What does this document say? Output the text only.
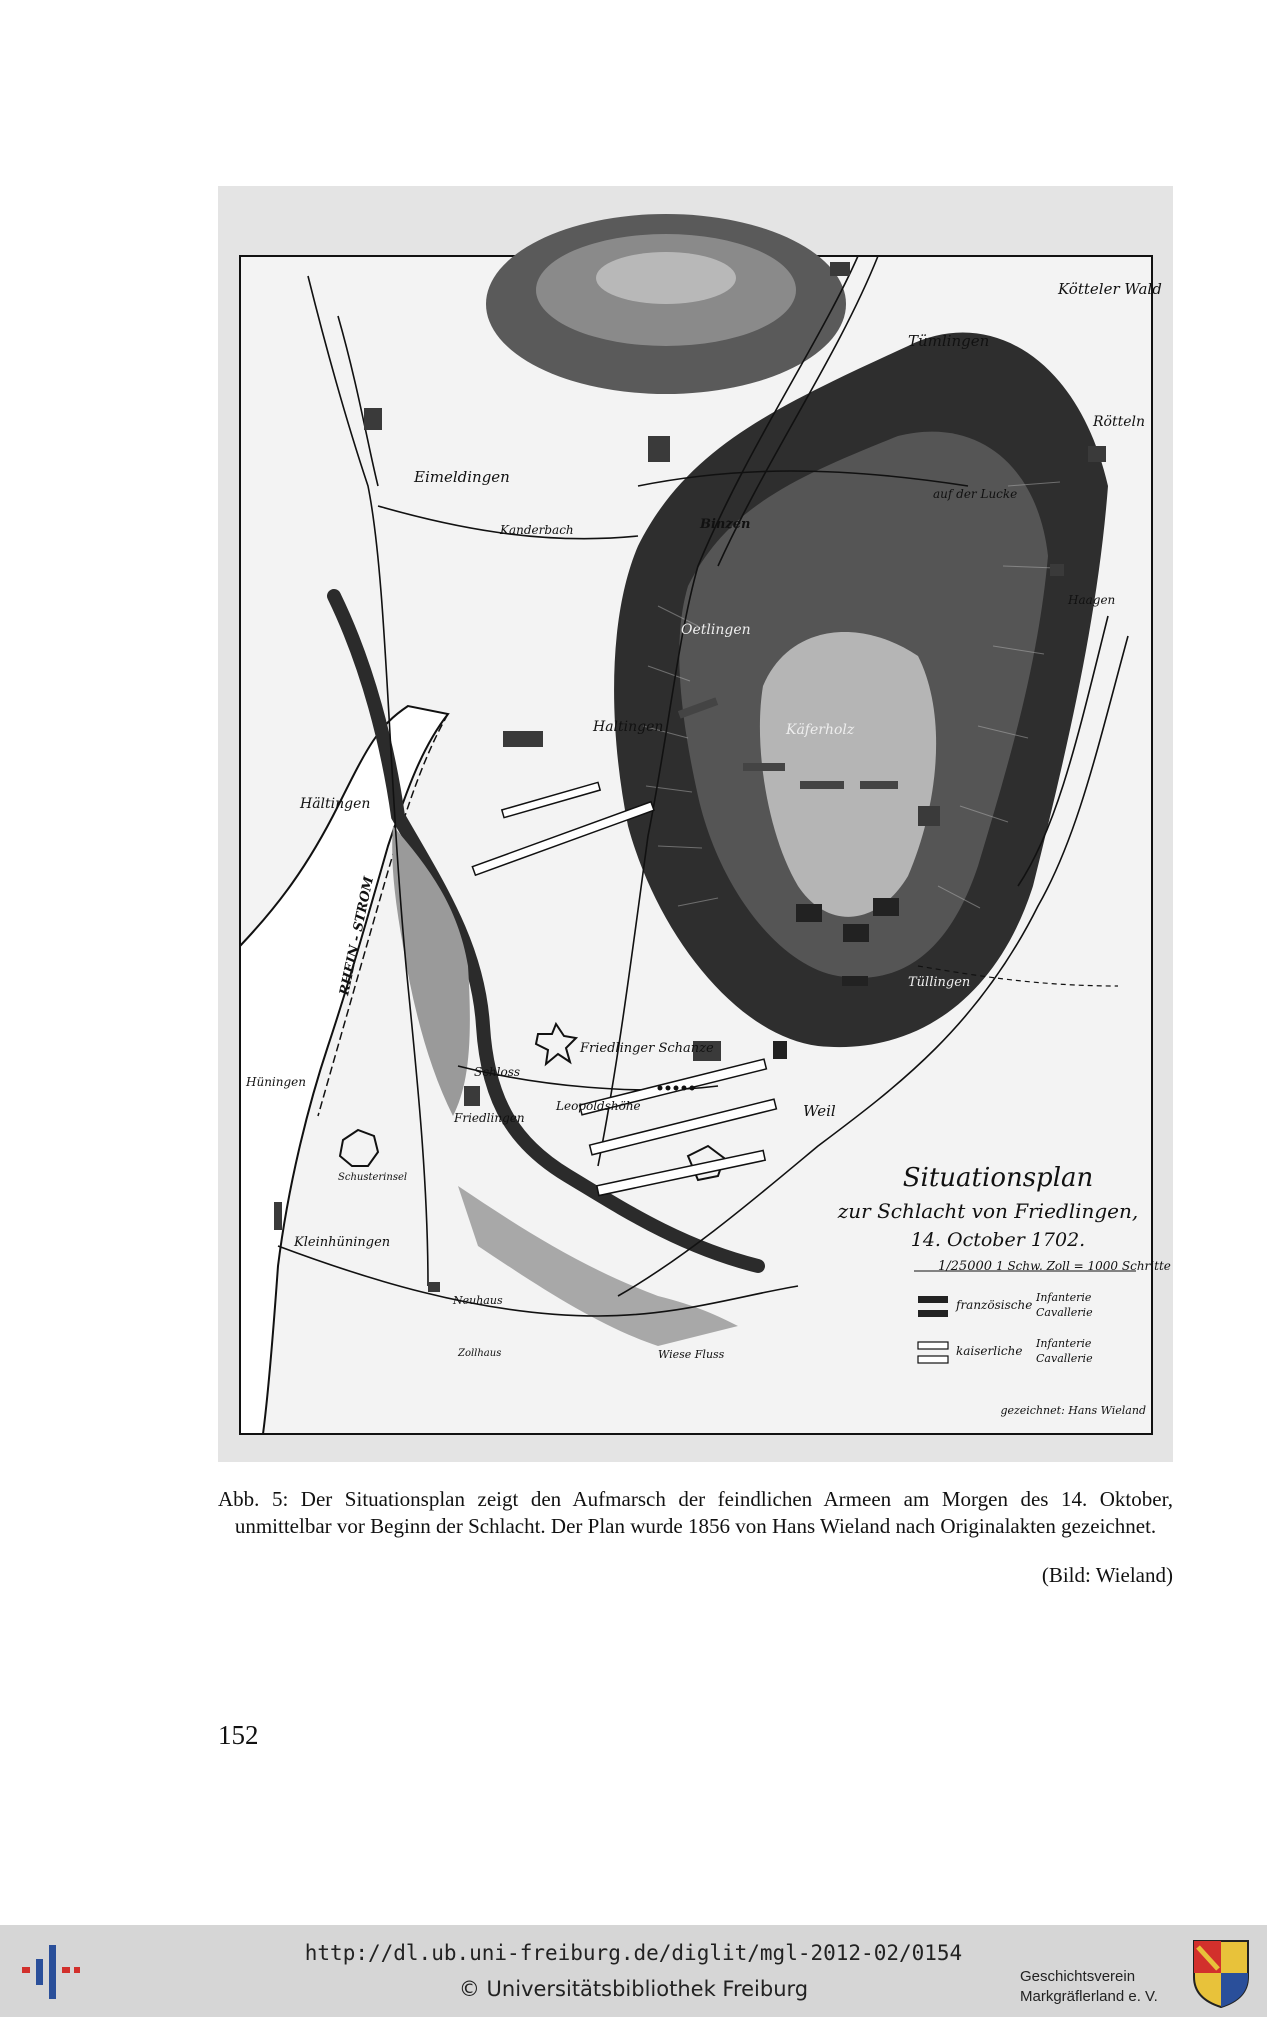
Kötteler Wald
Tümlingen
Rötteln
Eimeldingen
Kanderbach	Binzen
auf der Lucke
Haagen
Oetlingen
Haltingen	Käferholz
Hältingen
RHEIN - STROM
Friedlinger Schanze
Schloss
Leopoldshöhe
Hüningen
Friedlingen	Weil
Tüllingen
Schusterinsel
Kleinhüningen
Neuhaus
Wiese Fluss
Zollhaus
Situationsplan
zur Schlacht von Friedlingen,
14. October 1702.
1/25000 1 Schw. Zoll = 1000 Schritte
französische
Infanterie
Cavallerie
kaiserliche
Infanterie
Cavallerie
gezeichnet: Hans Wieland
Abb. 5: Der Situationsplan zeigt den Aufmarsch der feindlichen Armeen am Morgen des 14. Oktober, unmittelbar vor Beginn der Schlacht. Der Plan wurde 1856 von Hans Wieland nach Originalakten gezeichnet.
(Bild: Wieland)
152
http://dl.ub.uni-freiburg.de/diglit/mgl-2012-02/0154
© Universitätsbibliothek Freiburg
Geschichtsverein
Markgräflerland e. V.
